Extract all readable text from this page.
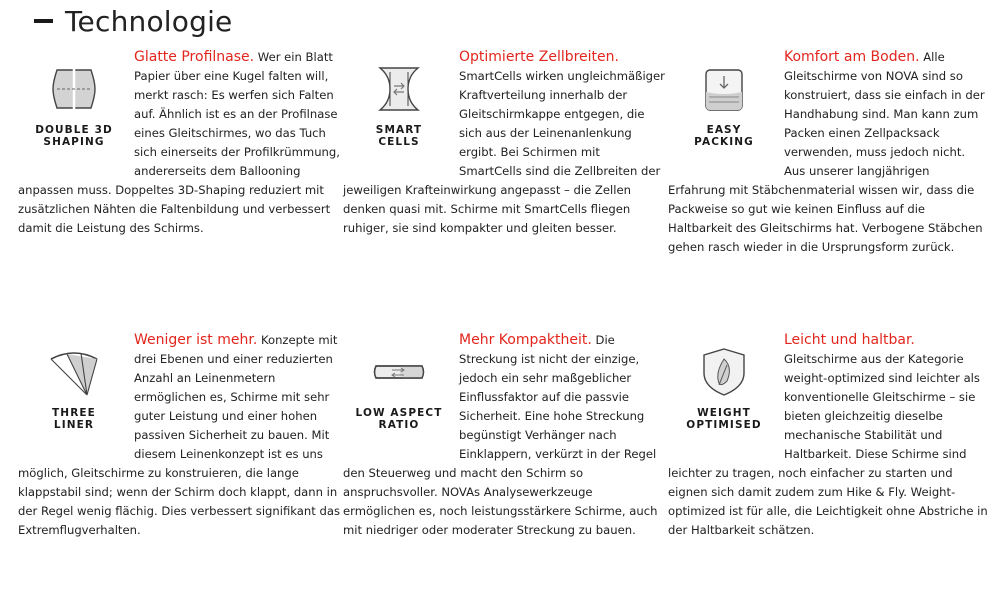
Technologie
DOUBLE 3D
SHAPING

Glatte Profilnase. Wer ein Blatt Papier über eine Kugel falten will, merkt rasch: Es werfen sich Falten auf. Ähnlich ist es an der Profilnase eines Gleitschirmes, wo das Tuch sich einerseits der Profilkrümmung, andererseits dem Ballooning anpassen muss. Doppeltes 3D-Shaping reduziert mit zusätzlichen Nähten die Faltenbildung und verbessert damit die Leistung des Schirms.

SMART
CELLS

Optimierte Zellbreiten. SmartCells wirken ungleichmäßiger Kraftverteilung innerhalb der Gleitschirmkappe entgegen, die sich aus der Leinenanlenkung ergibt. Bei Schirmen mit SmartCells sind die Zellbreiten der jeweiligen Krafteinwirkung angepasst – die Zellen denken quasi mit. Schirme mit SmartCells fliegen ruhiger, sie sind kompakter und gleiten besser.

EASY
PACKING

Komfort am Boden. Alle Gleitschirme von NOVA sind so konstruiert, dass sie einfach in der Handhabung sind. Man kann zum Packen einen Zellpacksack verwenden, muss jedoch nicht. Aus unserer langjährigen Erfahrung mit Stäbchenmaterial wissen wir, dass die Packweise so gut wie keinen Einfluss auf die Haltbarkeit des Gleitschirms hat. Verbogene Stäbchen gehen rasch wieder in die Ursprungsform zurück.

THREE
LINER

Weniger ist mehr. Konzepte mit drei Ebenen und einer reduzierten Anzahl an Leinenmetern ermöglichen es, Schirme mit sehr guter Leistung und einer hohen passiven Sicherheit zu bauen. Mit diesem Leinenkonzept ist es uns möglich, Gleitschirme zu konstruieren, die lange klappstabil sind; wenn der Schirm doch klappt, dann in der Regel wenig flächig. Dies verbessert signifikant das Extremflugverhalten.

LOW ASPECT
RATIO

Mehr Kompaktheit. Die Streckung ist nicht der einzige, jedoch ein sehr maßgeblicher Einflussfaktor auf die passvie Sicherheit. Eine hohe Streckung begünstigt Verhänger nach Einklappern, verkürzt in der Regel den Steuerweg und macht den Schirm so anspruchsvoller. NOVAs Analysewerkzeuge ermöglichen es, noch leistungsstärkere Schirme, auch mit niedriger oder moderater Streckung zu bauen.

WEIGHT
OPTIMISED

Leicht und haltbar. Gleitschirme aus der Kategorie weight-optimized sind leichter als konventionelle Gleitschirme – sie bieten gleichzeitig dieselbe mechanische Stabilität und Haltbarkeit. Diese Schirme sind leichter zu tragen, noch einfacher zu starten und eignen sich damit zudem zum Hike & Fly. Weight-optimized ist für alle, die Leichtigkeit ohne Abstriche in der Haltbarkeit schätzen.
